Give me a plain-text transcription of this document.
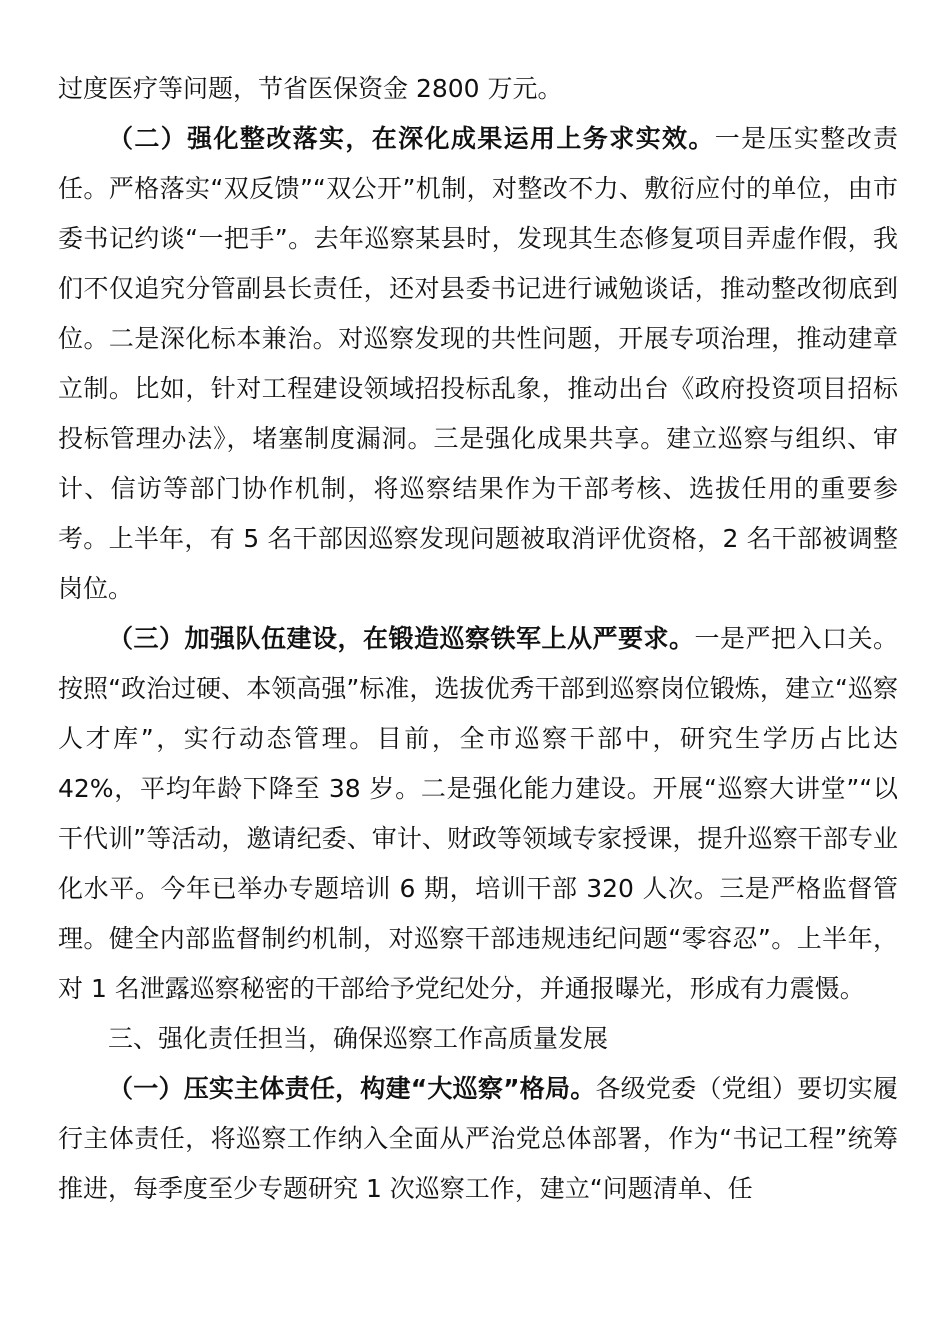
过度医疗等问题，节省医保资金 2800 万元。

（二）强化整改落实，在深化成果运用上务求实效。一是压实整改责任。严格落实“双反馈”“双公开”机制，对整改不力、敷衍应付的单位，由市委书记约谈“一把手”。去年巡察某县时，发现其生态修复项目弄虚作假，我们不仅追究分管副县长责任，还对县委书记进行诫勉谈话，推动整改彻底到位。二是深化标本兼治。对巡察发现的共性问题，开展专项治理，推动建章立制。比如，针对工程建设领域招投标乱象，推动出台《政府投资项目招标投标管理办法》，堵塞制度漏洞。三是强化成果共享。建立巡察与组织、审计、信访等部门协作机制，将巡察结果作为干部考核、选拔任用的重要参考。上半年，有 5 名干部因巡察发现问题被取消评优资格，2 名干部被调整岗位。

（三）加强队伍建设，在锻造巡察铁军上从严要求。一是严把入口关。按照“政治过硬、本领高强”标准，选拔优秀干部到巡察岗位锻炼，建立“巡察人才库”，实行动态管理。目前，全市巡察干部中，研究生学历占比达 42%，平均年龄下降至 38 岁。二是强化能力建设。开展“巡察大讲堂”“以干代训”等活动，邀请纪委、审计、财政等领域专家授课，提升巡察干部专业化水平。今年已举办专题培训 6 期，培训干部 320 人次。三是严格监督管理。健全内部监督制约机制，对巡察干部违规违纪问题“零容忍”。上半年，对 1 名泄露巡察秘密的干部给予党纪处分，并通报曝光，形成有力震慑。

三、强化责任担当，确保巡察工作高质量发展

（一）压实主体责任，构建“大巡察”格局。各级党委（党组）要切实履行主体责任，将巡察工作纳入全面从严治党总体部署，作为“书记工程”统筹推进，每季度至少专题研究 1 次巡察工作，建立“问题清单、任
